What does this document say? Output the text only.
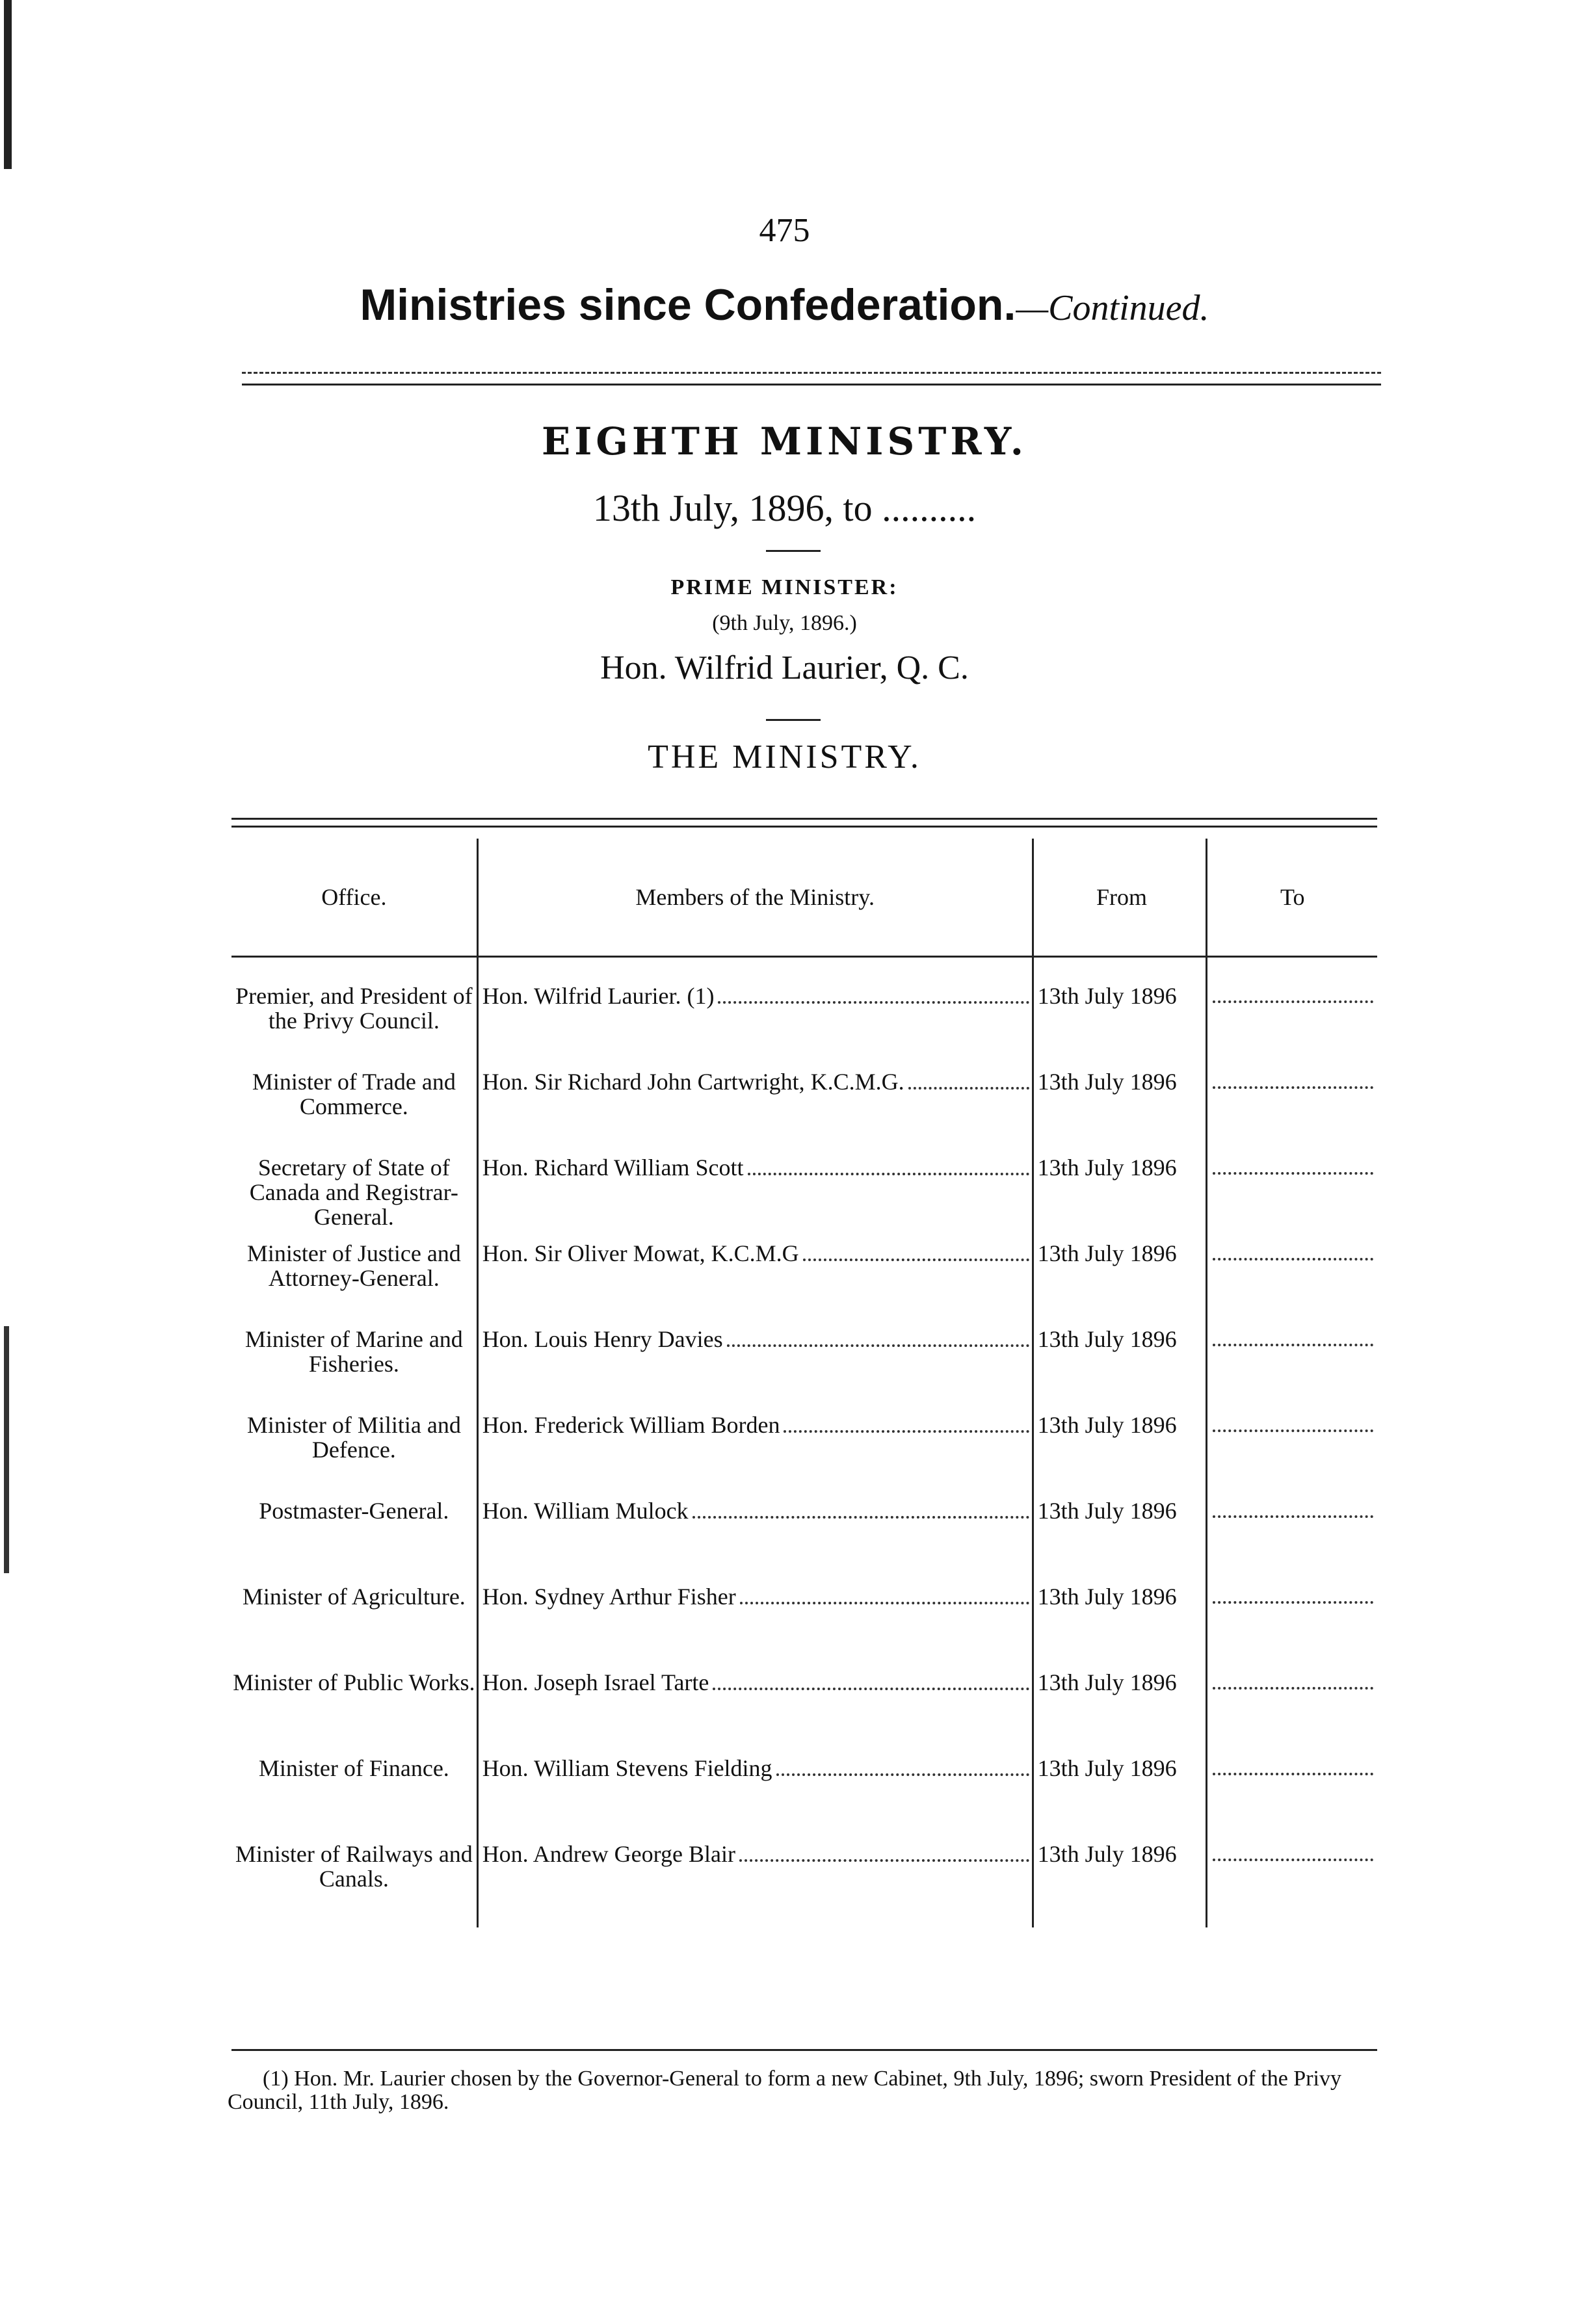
475
Ministries since Confederation.—Continued.
EIGHTH MINISTRY.
13th July, 1896, to ..........
PRIME MINISTER:
(9th July, 1896.)
Hon. Wilfrid Laurier, Q. C.
THE MINISTRY.
Office.	Members of the Ministry.	From	To

Premier, and President of the Privy Council.	Hon. Wilfrid Laurier. (1)	13th July 1896	

Minister of Trade and Commerce.	Hon. Sir Richard John Cartwright, K.C.M.G.	13th July 1896	

Secretary of State of Canada and Registrar-General.	Hon. Richard William Scott	13th July 1896	

Minister of Justice and Attorney-General.	Hon. Sir Oliver Mowat, K.C.M.G	13th July 1896	

Minister of Marine and Fisheries.	Hon. Louis Henry Davies	13th July 1896	

Minister of Militia and Defence.	Hon. Frederick William Borden	13th July 1896	

Postmaster-General.	Hon. William Mulock	13th July 1896	

Minister of Agriculture.	Hon. Sydney Arthur Fisher	13th July 1896	

Minister of Public Works.	Hon. Joseph Israel Tarte	13th July 1896	

Minister of Finance.	Hon. William Stevens Fielding	13th July 1896	

Minister of Railways and Canals.	Hon. Andrew George Blair	13th July 1896	
(1) Hon. Mr. Laurier chosen by the Governor-General to form a new Cabinet, 9th July, 1896; sworn President of the Privy Council, 11th July, 1896.
